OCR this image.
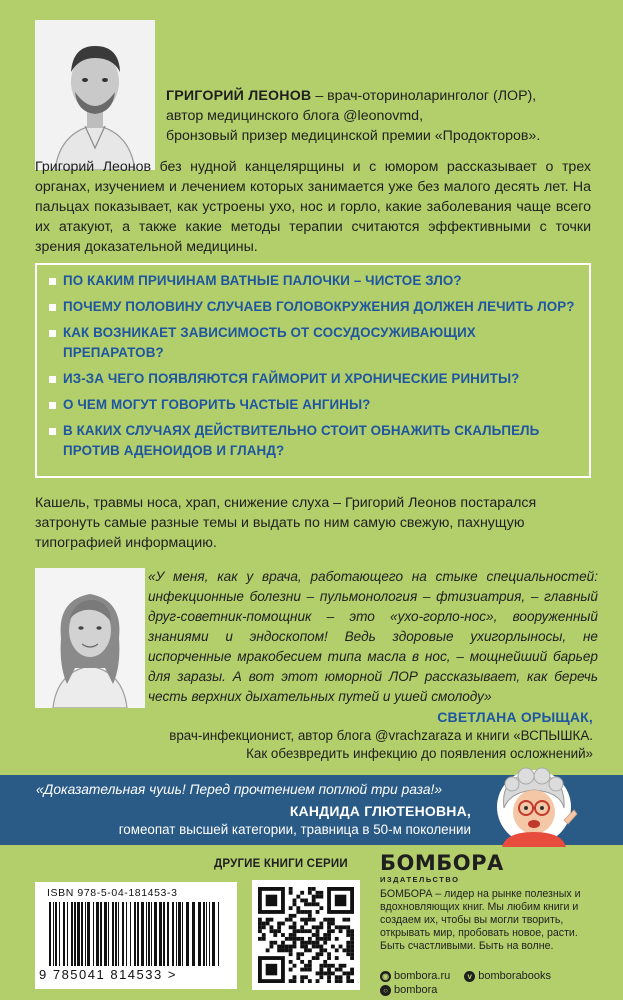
ГРИГОРИЙ ЛЕОНОВ – врач-оториноларинголог (ЛОР),
автор медицинского блога @leonovmd,
бронзовый призер медицинской премии «Продокторов».

Григорий Леонов без нудной канцелярщины и с юмором рассказывает о трех органах, изучением и лечением которых занимается уже без малого десять лет. На пальцах показывает, как устроены ухо, нос и горло, какие заболевания чаще всего их атакуют, а также какие методы терапии считаются эффективными с точки зрения доказательной медицины.

ПО КАКИМ ПРИЧИНАМ ВАТНЫЕ ПАЛОЧКИ – ЧИСТОЕ ЗЛО?
ПОЧЕМУ ПОЛОВИНУ СЛУЧАЕВ ГОЛОВОКРУЖЕНИЯ ДОЛЖЕН ЛЕЧИТЬ ЛОР?
КАК ВОЗНИКАЕТ ЗАВИСИМОСТЬ ОТ СОСУДОСУЖИВАЮЩИХ ПРЕПАРАТОВ?
ИЗ-ЗА ЧЕГО ПОЯВЛЯЮТСЯ ГАЙМОРИТ И ХРОНИЧЕСКИЕ РИНИТЫ?
О ЧЕМ МОГУТ ГОВОРИТЬ ЧАСТЫЕ АНГИНЫ?
В КАКИХ СЛУЧАЯХ ДЕЙСТВИТЕЛЬНО СТОИТ ОБНАЖИТЬ СКАЛЬПЕЛЬ ПРОТИВ АДЕНОИДОВ И ГЛАНД?

Кашель, травмы носа, храп, снижение слуха – Григорий Леонов постарался затронуть самые разные темы и выдать по ним самую свежую, пахнущую типографией информацию.

«У меня, как у врача, работающего на стыке специальностей: инфекционные болезни – пульмонология – фтизиатрия, – главный друг-советник-помощник – это «ухо-горло-нос», вооруженный знаниями и эндоскопом! Ведь здоровые ухигорлыносы, не испорченные мракобесием типа масла в нос, – мощнейший барьер для заразы. А вот этот юморной ЛОР рассказывает, как беречь честь верхних дыхательных путей и ушей смолоду»

СВЕТЛАНА ОРЫЩАК,
врач-инфекционист, автор блога @vrachzaraza и книги «ВСПЫШКА.
Как обезвредить инфекцию до появления осложнений»
«Доказательная чушь! Перед прочтением поплюй три раза!»
КАНДИДА ГЛЮТЕНОВНА,
гомеопат высшей категории, травница в 50-м поколении
ДРУГИЕ КНИГИ СЕРИИ
ISBN 978-5-04-181453-3
9 785041 814533 >
БОМБОРА
ИЗДАТЕЛЬСТВО

БОМБОРА – лидер на рынке полезных и вдохновляющих книг. Мы любим книги и создаем их, чтобы вы могли творить, открывать мир, пробовать новое, расти. Быть счастливыми. Быть на волне.

◉ bombora.ru	v bomborabooks
○ bombora
